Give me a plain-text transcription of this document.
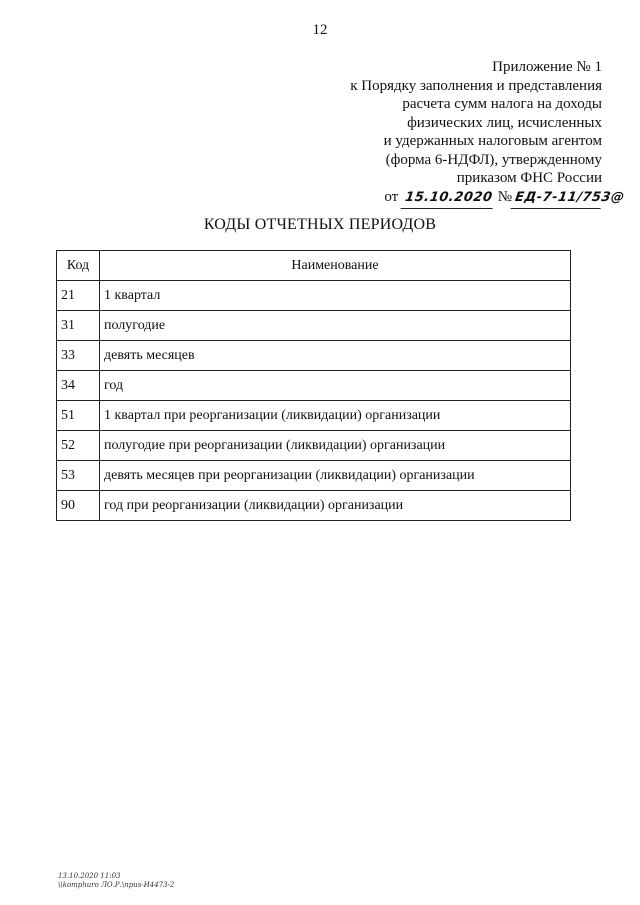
12
Приложение № 1
к Порядку заполнения и представления
расчета сумм налога на доходы
физических лиц, исчисленных
и удержанных налоговым агентом
(форма 6-НДФЛ), утвержденному
приказом ФНС России
от 15.10.2020 № ЕД-7-11/753@
КОДЫ ОТЧЕТНЫХ ПЕРИОДОВ
Код	Наименование
21	1 квартал
31	полугодие
33	девять месяцев
34	год
51	1 квартал при реорганизации (ликвидации) организации
52	полугодие при реорганизации (ликвидации) организации
53	девять месяцев при реорганизации (ликвидации) организации
90	год при реорганизации (ликвидации) организации
13.10.2020 11:03
\\komphuro ЛО.Р.\npus-И4473-2
